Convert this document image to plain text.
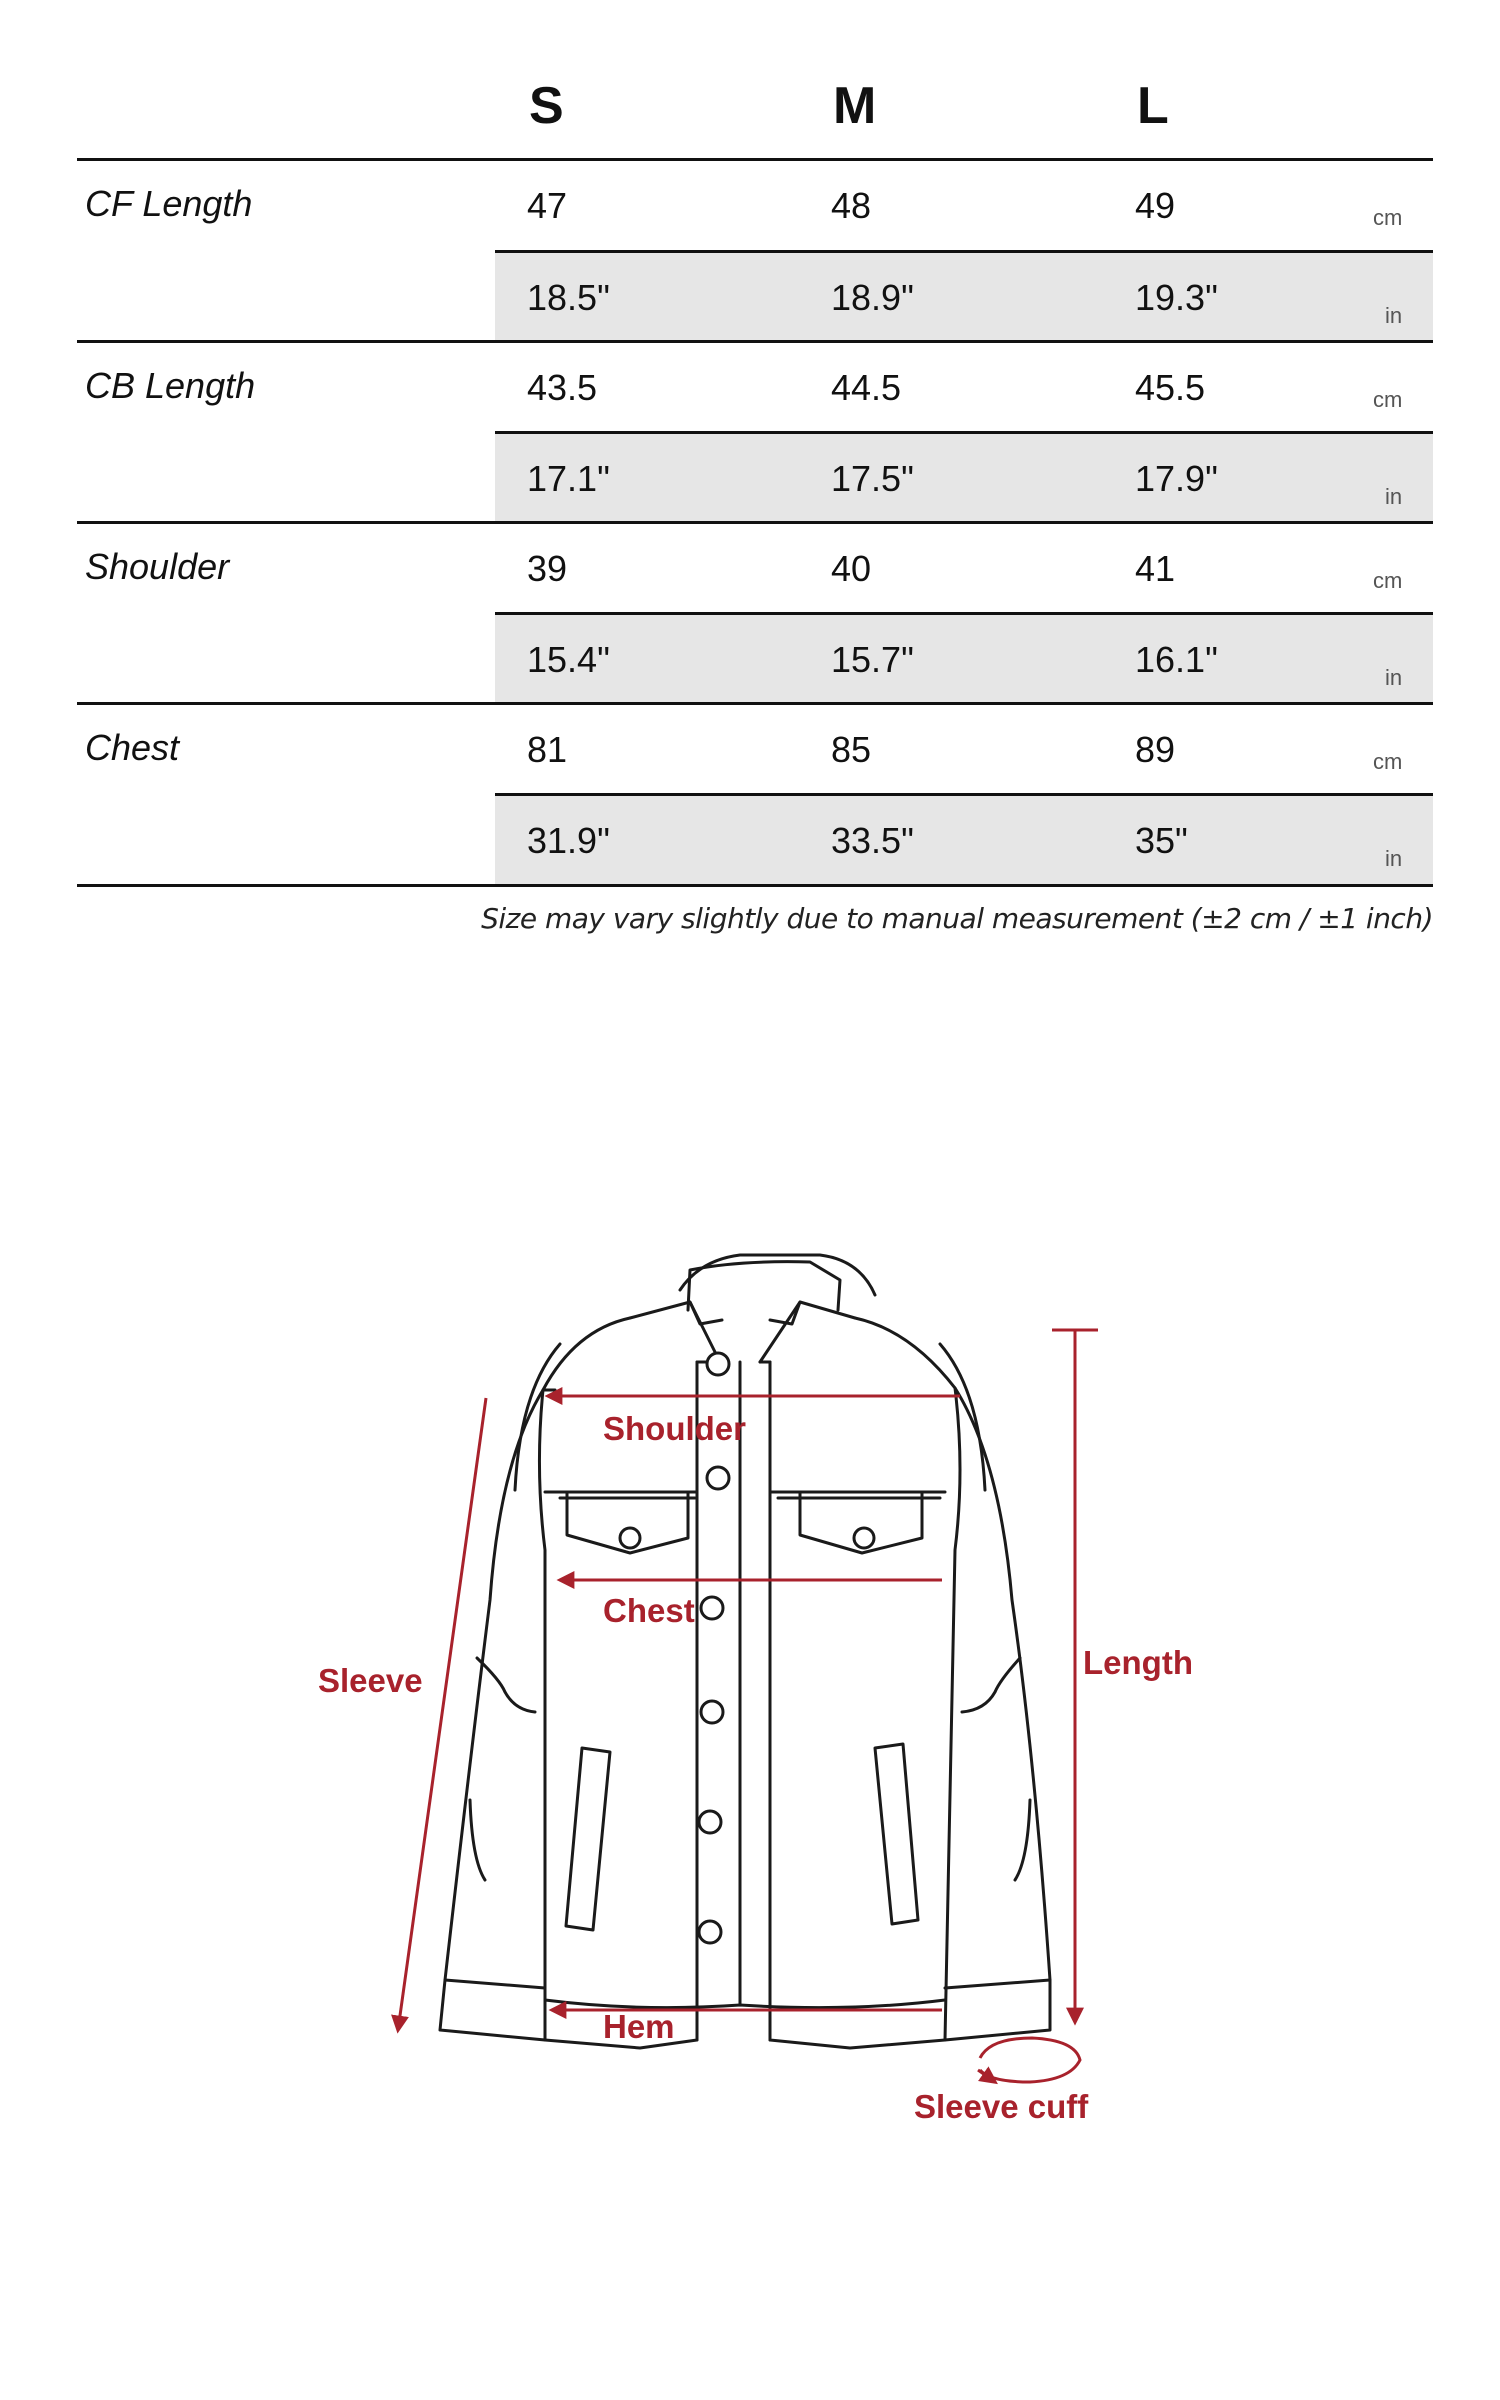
S	M	L
CF Length	47	48	49	cm
18.5"	18.9"	19.3"	in
CB Length	43.5	44.5	45.5	cm
17.1"	17.5"	17.9"	in
Shoulder	39	40	41	cm
15.4"	15.7"	16.1"	in
Chest	81	85	89	cm
31.9"	33.5"	35"	in
Size may vary slightly due to manual measurement (±2 cm / ±1 inch)
Shoulder
Chest
Sleeve	Length
Hem
Sleeve cuff
